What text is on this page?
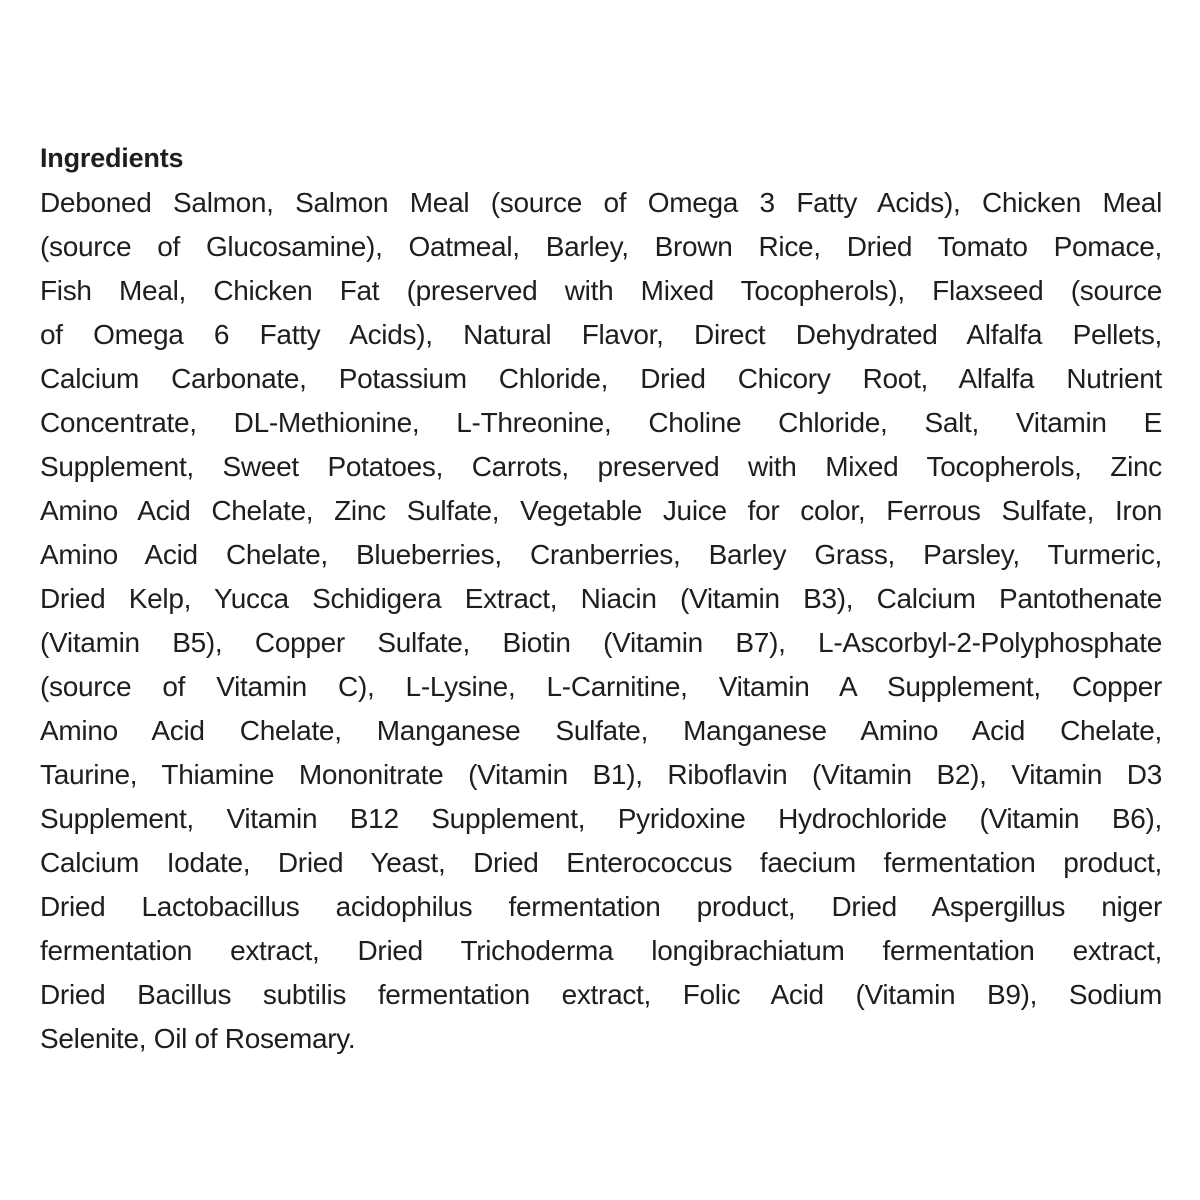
Ingredients
Deboned Salmon, Salmon Meal (source of Omega 3 Fatty Acids), Chicken Meal
(source of Glucosamine), Oatmeal, Barley, Brown Rice, Dried Tomato Pomace,
Fish Meal, Chicken Fat (preserved with Mixed Tocopherols), Flaxseed (source
of Omega 6 Fatty Acids), Natural Flavor, Direct Dehydrated Alfalfa Pellets,
Calcium Carbonate, Potassium Chloride, Dried Chicory Root, Alfalfa Nutrient
Concentrate, DL-Methionine, L-Threonine, Choline Chloride, Salt, Vitamin E
Supplement, Sweet Potatoes, Carrots, preserved with Mixed Tocopherols, Zinc
Amino Acid Chelate, Zinc Sulfate, Vegetable Juice for color, Ferrous Sulfate, Iron
Amino Acid Chelate, Blueberries, Cranberries, Barley Grass, Parsley, Turmeric,
Dried Kelp, Yucca Schidigera Extract, Niacin (Vitamin B3), Calcium Pantothenate
(Vitamin B5), Copper Sulfate, Biotin (Vitamin B7), L-Ascorbyl-2-Polyphosphate
(source of Vitamin C), L-Lysine, L-Carnitine, Vitamin A Supplement, Copper
Amino Acid Chelate, Manganese Sulfate, Manganese Amino Acid Chelate,
Taurine, Thiamine Mononitrate (Vitamin B1), Riboflavin (Vitamin B2), Vitamin D3
Supplement, Vitamin B12 Supplement, Pyridoxine Hydrochloride (Vitamin B6),
Calcium Iodate, Dried Yeast, Dried Enterococcus faecium fermentation product,
Dried Lactobacillus acidophilus fermentation product, Dried Aspergillus niger
fermentation extract, Dried Trichoderma longibrachiatum fermentation extract,
Dried Bacillus subtilis fermentation extract, Folic Acid (Vitamin B9), Sodium
Selenite, Oil of Rosemary.
